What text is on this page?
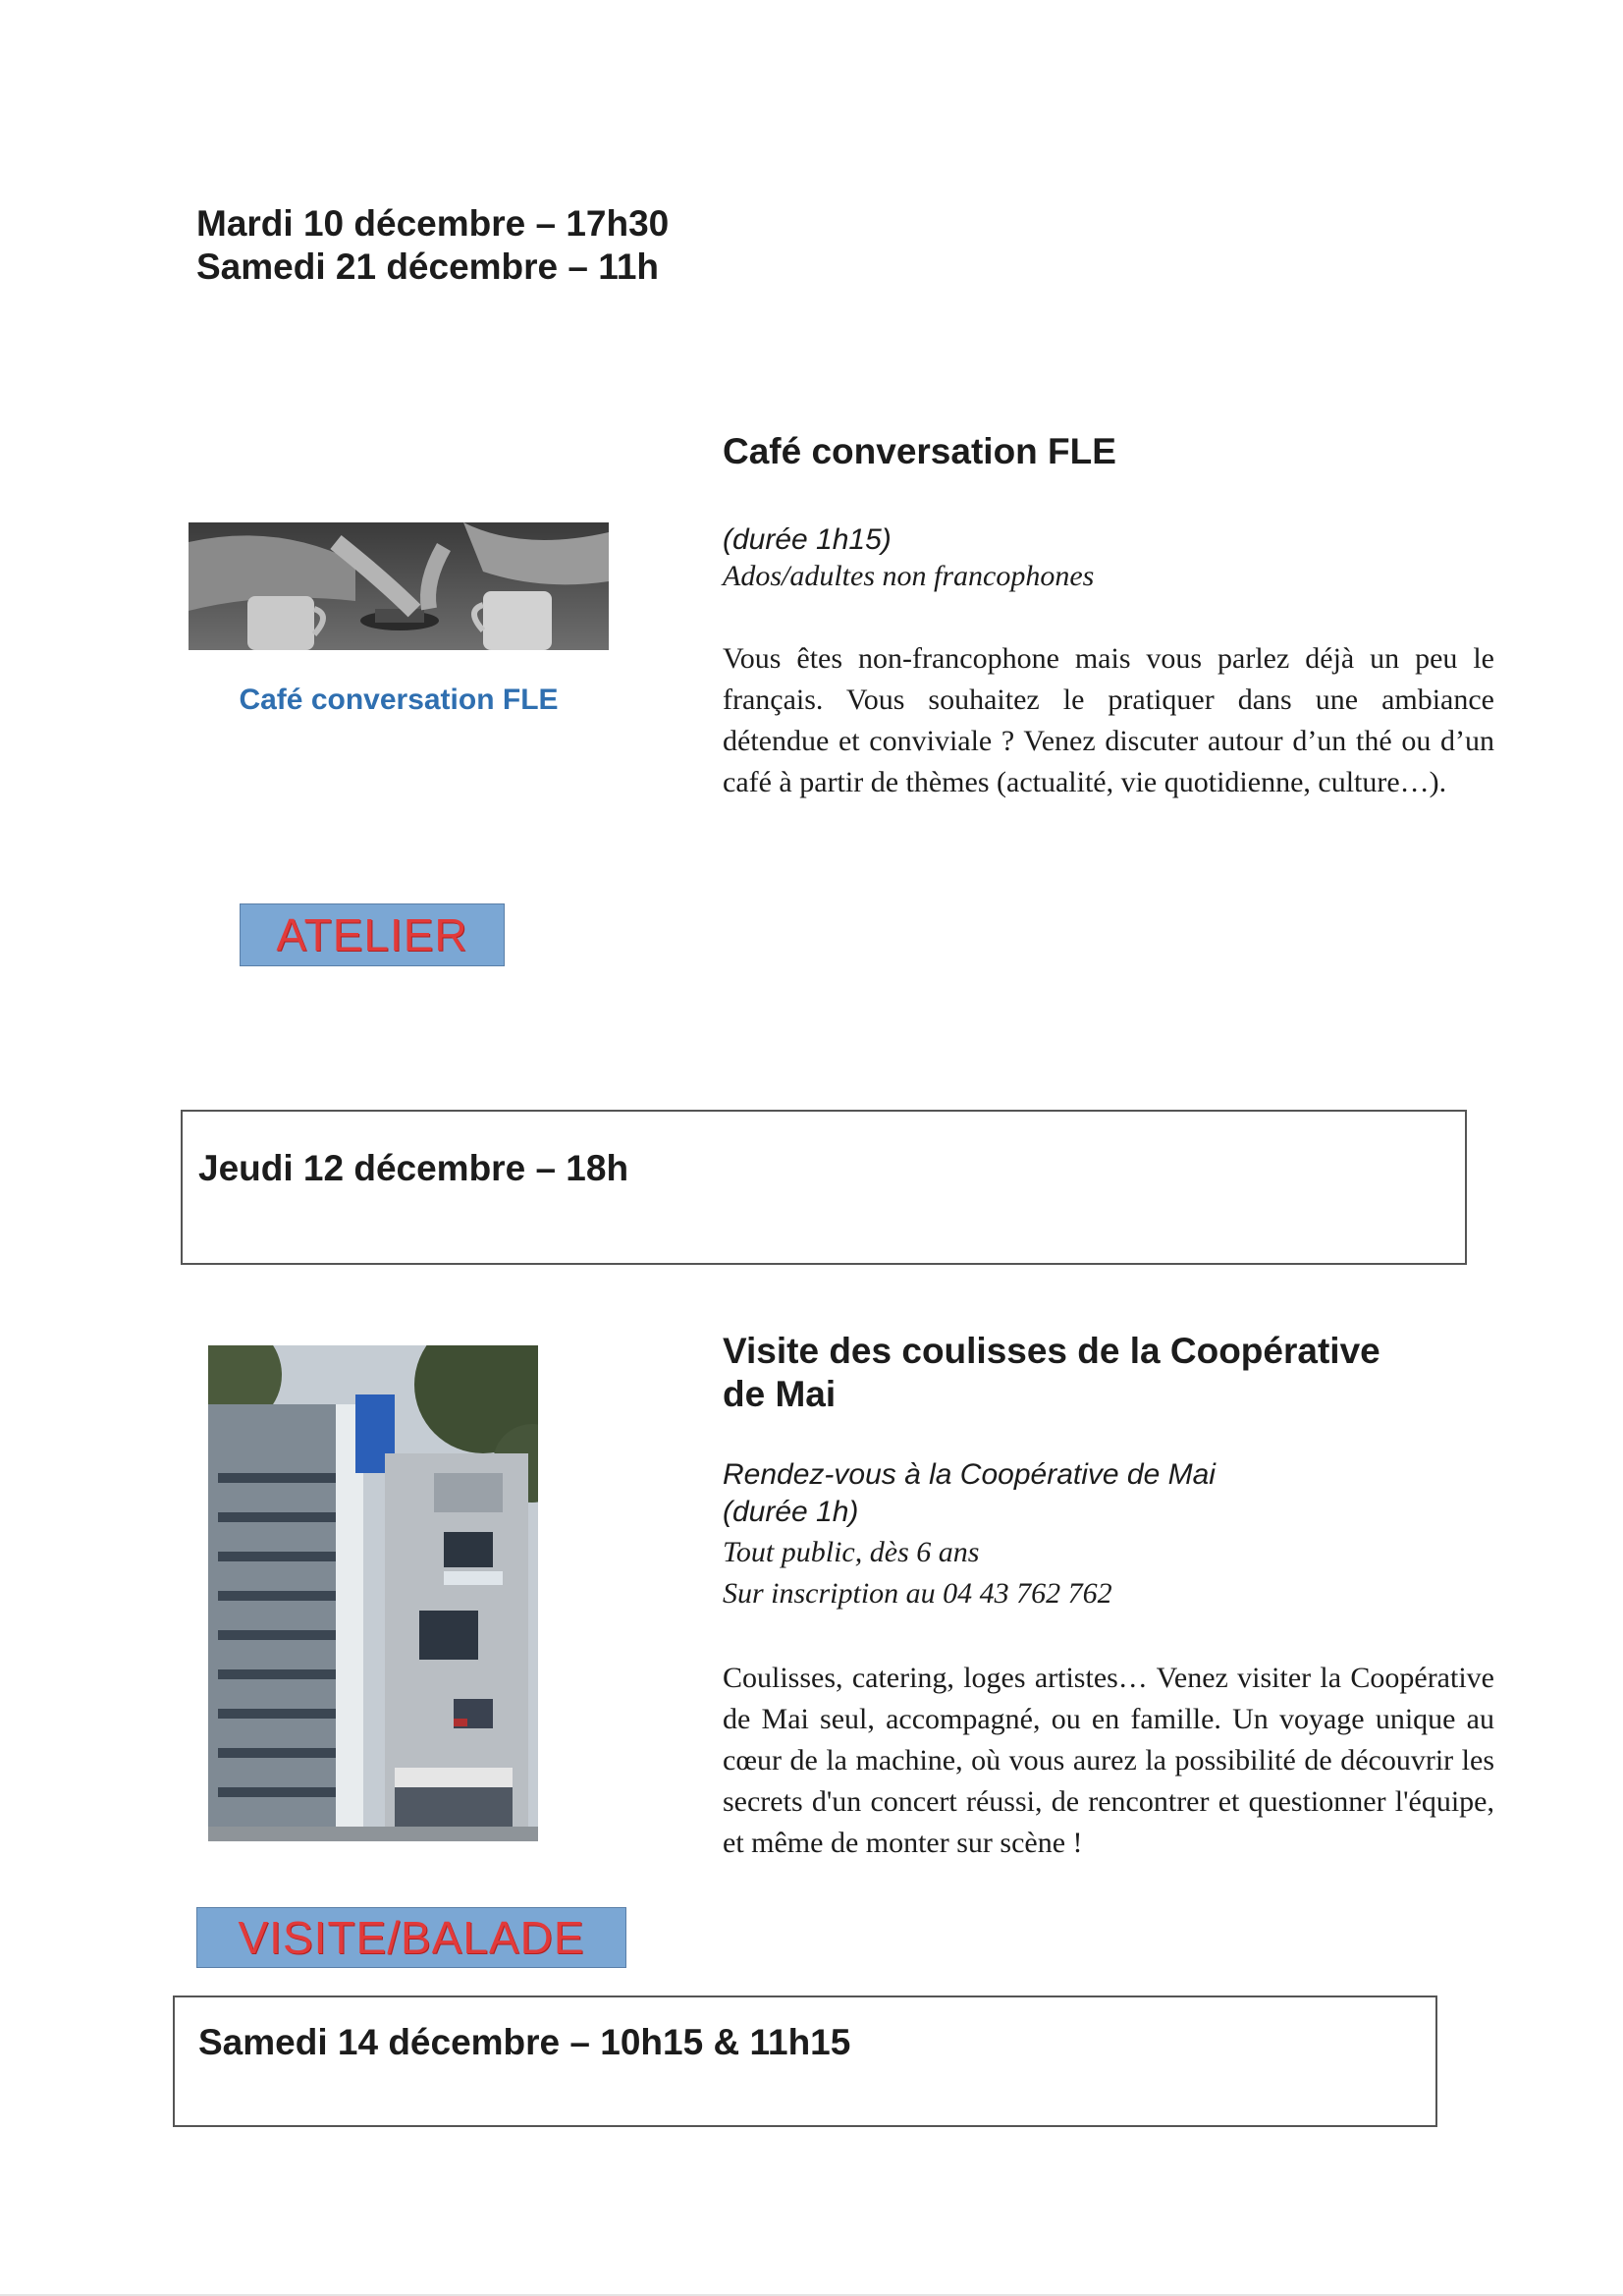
Mardi 10 décembre – 17h30

Samedi 21 décembre – 11h

Café conversation FLE
ATELIER

Café conversation FLE

(durée 1h15)

Ados/adultes non francophones

Vous êtes non-francophone mais vous parlez déjà un peu le français. Vous souhaitez le pratiquer dans une ambiance détendue et conviviale ? Venez discuter autour d’un thé ou d’un café à partir de thèmes (actualité, vie quotidienne, culture…).

Jeudi 12 décembre – 18h

VISITE/BALADE

Visite des coulisses de la Coopérative

de Mai

Rendez-vous à la Coopérative de Mai

(durée 1h)

Tout public, dès 6 ans

Sur inscription au 04 43 762 762

Coulisses, catering, loges artistes… Venez visiter la Coopérative de Mai seul, accompagné, ou en famille. Un voyage unique au cœur de la machine, où vous aurez la possibilité de découvrir les secrets d'un concert réussi, de rencontrer et questionner l'équipe, et même de monter sur scène !

Samedi 14 décembre – 10h15 & 11h15
